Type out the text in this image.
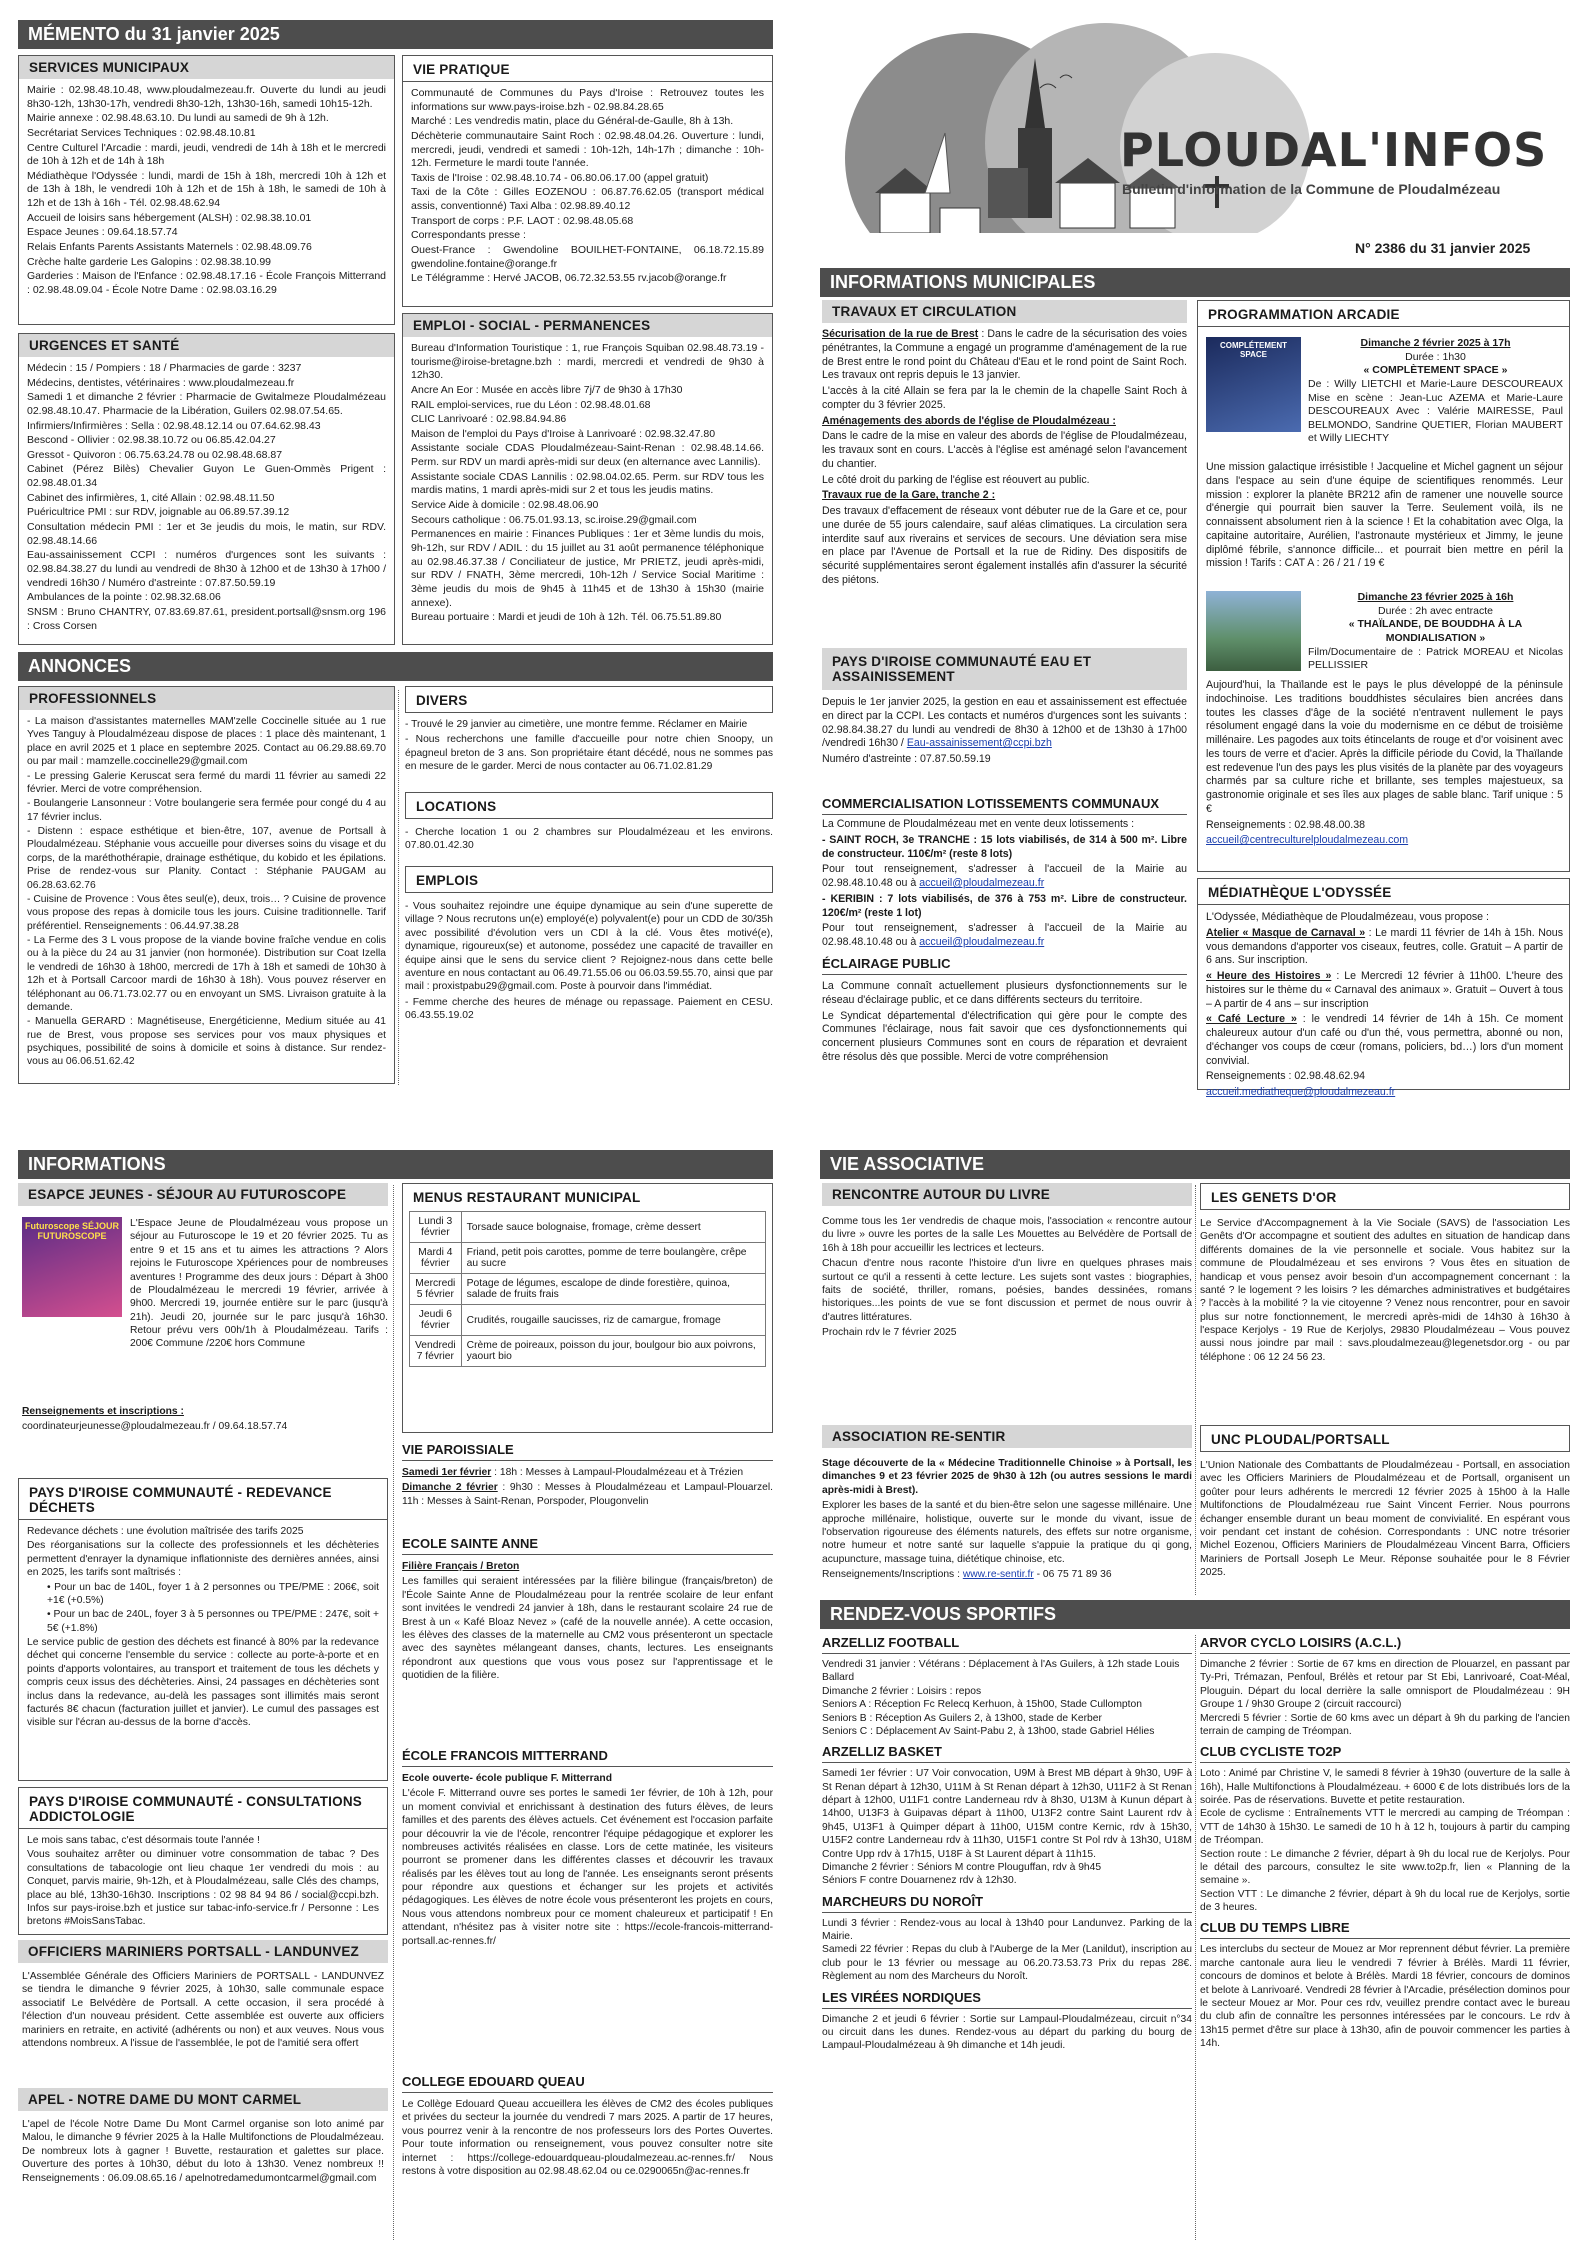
MÉMENTO du 31 janvier 2025
SERVICES MUNICIPAUX

Mairie : 02.98.48.10.48, www.ploudalmezeau.fr. Ouverte du lundi au jeudi 8h30-12h, 13h30-17h, vendredi 8h30-12h, 13h30-16h, samedi 10h15-12h.

Mairie annexe : 02.98.48.63.10. Du lundi au samedi de 9h à 12h.

Secrétariat Services Techniques : 02.98.48.10.81

Centre Culturel l'Arcadie : mardi, jeudi, vendredi de 14h à 18h et le mercredi de 10h à 12h et de 14h à 18h

Médiathèque l'Odyssée : lundi, mardi de 15h à 18h, mercredi 10h à 12h et de 13h à 18h, le vendredi 10h à 12h et de 15h à 18h, le samedi de 10h à 12h et de 13h à 16h - Tél. 02.98.48.62.94

Accueil de loisirs sans hébergement (ALSH) : 02.98.38.10.01

Espace Jeunes : 09.64.18.57.74

Relais Enfants Parents Assistants Maternels : 02.98.48.09.76

Crèche halte garderie Les Galopins : 02.98.38.10.99

Garderies : Maison de l'Enfance : 02.98.48.17.16 - École François Mitterrand : 02.98.48.09.04 - École Notre Dame : 02.98.03.16.29

URGENCES ET SANTÉ

Médecin : 15 / Pompiers : 18 / Pharmacies de garde : 3237

Médecins, dentistes, vétérinaires : www.ploudalmezeau.fr

Samedi 1 et dimanche 2 février : Pharmacie de Gwitalmeze Ploudalmézeau 02.98.48.10.47. Pharmacie de la Libération, Guilers 02.98.07.54.65.

Infirmiers/Infirmières : Sella : 02.98.48.12.14 ou 07.64.62.98.43

Bescond - Ollivier : 02.98.38.10.72 ou 06.85.42.04.27

Gressot - Quivoron : 06.75.63.24.78 ou 02.98.48.68.87

Cabinet (Pérez Bilès) Chevalier Guyon Le Guen-Ommès Prigent : 02.98.48.01.34

Cabinet des infirmières, 1, cité Allain : 02.98.48.11.50

Puéricultrice PMI : sur RDV, joignable au 06.89.57.39.12

Consultation médecin PMI : 1er et 3e jeudis du mois, le matin, sur RDV. 02.98.48.14.66

Eau-assainissement CCPI : numéros d'urgences sont les suivants : 02.98.84.38.27 du lundi au vendredi de 8h30 à 12h00 et de 13h30 à 17h00 / vendredi 16h30 / Numéro d'astreinte : 07.87.50.59.19

Ambulances de la pointe : 02.98.32.68.06

SNSM : Bruno CHANTRY, 07.83.69.87.61, president.portsall@snsm.org 196 : Cross Corsen

VIE PRATIQUE

Communauté de Communes du Pays d'Iroise : Retrouvez toutes les informations sur www.pays-iroise.bzh - 02.98.84.28.65

Marché : Les vendredis matin, place du Général-de-Gaulle, 8h à 13h.

Déchèterie communautaire Saint Roch : 02.98.48.04.26. Ouverture : lundi, mercredi, jeudi, vendredi et samedi : 10h-12h, 14h-17h ; dimanche : 10h-12h. Fermeture le mardi toute l'année.

Taxis de l'Iroise : 02.98.48.10.74 - 06.80.06.17.00 (appel gratuit)

Taxi de la Côte : Gilles EOZENOU : 06.87.76.62.05 (transport médical assis, conventionné) Taxi Alba : 02.98.89.40.12

Transport de corps : P.F. LAOT : 02.98.48.05.68

Correspondants presse :

Ouest-France : Gwendoline BOUILHET-FONTAINE, 06.18.72.15.89 gwendoline.fontaine@orange.fr

Le Télégramme : Hervé JACOB, 06.72.32.53.55 rv.jacob@orange.fr

EMPLOI - SOCIAL - PERMANENCES

Bureau d'Information Touristique : 1, rue François Squiban 02.98.48.73.19 - tourisme@iroise-bretagne.bzh : mardi, mercredi et vendredi de 9h30 à 12h30.

Ancre An Eor : Musée en accès libre 7j/7 de 9h30 à 17h30

RAIL emploi-services, rue du Léon : 02.98.48.01.68

CLIC Lanrivoaré : 02.98.84.94.86

Maison de l'emploi du Pays d'Iroise à Lanrivoaré : 02.98.32.47.80

Assistante sociale CDAS Ploudalmézeau-Saint-Renan : 02.98.48.14.66. Perm. sur RDV un mardi après-midi sur deux (en alternance avec Lannilis).

Assistante sociale CDAS Lannilis : 02.98.04.02.65. Perm. sur RDV tous les mardis matins, 1 mardi après-midi sur 2 et tous les jeudis matins.

Service Aide à domicile : 02.98.48.06.90

Secours catholique : 06.75.01.93.13, sc.iroise.29@gmail.com

Permanences en mairie : Finances Publiques : 1er et 3ème lundis du mois, 9h-12h, sur RDV / ADIL : du 15 juillet au 31 août permanence téléphonique au 02.98.46.37.38 / Conciliateur de justice, Mr PRIETZ, jeudi après-midi, sur RDV / FNATH, 3ème mercredi, 10h-12h / Service Social Maritime : 3ème jeudis du mois de 9h45 à 11h45 et de 13h30 à 15h30 (mairie annexe).

Bureau portuaire : Mardi et jeudi de 10h à 12h. Tél. 06.75.51.89.80

PLOUDAL'INFOS
Bulletin d'information de la Commune de Ploudalmézeau
N° 2386 du 31 janvier 2025
INFORMATIONS MUNICIPALES
TRAVAUX ET CIRCULATION

Sécurisation de la rue de Brest : Dans le cadre de la sécurisation des voies pénétrantes, la Commune a engagé un programme d'aménagement de la rue de Brest entre le rond point du Château d'Eau et le rond point de Saint Roch. Les travaux ont repris depuis le 13 janvier.

L'accès à la cité Allain se fera par la le chemin de la chapelle Saint Roch à compter du 3 février 2025.

Aménagements des abords de l'église de Ploudalmézeau :

Dans le cadre de la mise en valeur des abords de l'église de Ploudalmézeau, les travaux sont en cours. L'accès à l'église est aménagé selon l'avancement du chantier.

Le côté droit du parking de l'église est réouvert au public.

Travaux rue de la Gare, tranche 2 :

Des travaux d'effacement de réseaux vont débuter rue de la Gare et ce, pour une durée de 55 jours calendaire, sauf aléas climatiques. La circulation sera interdite sauf aux riverains et services de secours. Une déviation sera mise en place par l'Avenue de Portsall et la rue de Ridiny. Des dispositifs de sécurité supplémentaires seront également installés afin d'assurer la sécurité des piétons.

PAYS D'IROISE COMMUNAUTÉ EAU ET ASSAINISSEMENT

Depuis le 1er janvier 2025, la gestion en eau et assainissement est effectuée en direct par la CCPI. Les contacts et numéros d'urgences sont les suivants : 02.98.84.38.27 du lundi au vendredi de 8h30 à 12h00 et de 13h30 à 17h00 /vendredi 16h30 / Eau-assainissement@ccpi.bzh

Numéro d'astreinte : 07.87.50.59.19

COMMERCIALISATION LOTISSEMENTS COMMUNAUX

La Commune de Ploudalmézeau met en vente deux lotissements :

- SAINT ROCH, 3e TRANCHE : 15 lots viabilisés, de 314 à 500 m². Libre de constructeur. 110€/m² (reste 8 lots)

Pour tout renseignement, s'adresser à l'accueil de la Mairie au 02.98.48.10.48 ou à accueil@ploudalmezeau.fr

- KERIBIN : 7 lots viabilisés, de 376 à 753 m². Libre de constructeur. 120€/m² (reste 1 lot)

Pour tout renseignement, s'adresser à l'accueil de la Mairie au 02.98.48.10.48 ou à accueil@ploudalmezeau.fr

ÉCLAIRAGE PUBLIC

La Commune connaît actuellement plusieurs dysfonctionnements sur le réseau d'éclairage public, et ce dans différents secteurs du territoire.

Le Syndicat départemental d'électrification qui gère pour le compte des Communes l'éclairage, nous fait savoir que ces dysfonctionnements qui concernent plusieurs Communes sont en cours de réparation et devraient être résolus dès que possible. Merci de votre compréhension

PROGRAMMATION ARCADIE
COMPLÉTEMENT SPACE
Dimanche 2 février 2025 à 17h
Durée : 1h30
« COMPLÈTEMENT SPACE »
De : Willy LIETCHI et Marie-Laure DESCOUREAUX Mise en scène : Jean-Luc AZEMA et Marie-Laure DESCOUREAUX Avec : Valérie MAIRESSE, Paul BELMONDO, Sandrine QUETIER, Florian MAUBERT et Willy LIECHTY
Une mission galactique irrésistible ! Jacqueline et Michel gagnent un séjour dans l'espace au sein d'une équipe de scientifiques renommés. Leur mission : explorer la planète BR212 afin de ramener une nouvelle source d'énergie qui pourrait bien sauver la Terre. Seulement voilà, ils ne connaissent absolument rien à la science ! Et la cohabitation avec Olga, la capitaine autoritaire, Aurélien, l'astronaute mystérieux et Jimmy, le jeune diplômé fébrile, s'annonce difficile... et pourrait bien mettre en péril la mission ! Tarifs : CAT A : 26 / 21 / 19 €
Dimanche 23 février 2025 à 16h
Durée : 2h avec entracte
« THAÏLANDE, DE BOUDDHA À LA MONDIALISATION »
Film/Documentaire de : Patrick MOREAU et Nicolas PELLISSIER

Aujourd'hui, la Thaïlande est le pays le plus développé de la péninsule indochinoise. Les traditions bouddhistes séculaires bien ancrées dans toutes les classes d'âge de la société n'entravent nullement le pays résolument engagé dans la voie du modernisme en ce début de troisième millénaire. Les pagodes aux toits étincelants de rouge et d'or voisinent avec les tours de verre et d'acier. Après la difficile période du Covid, la Thaïlande est redevenue l'un des pays les plus visités de la planète par des voyageurs charmés par sa culture riche et brillante, ses temples majestueux, sa gastronomie originale et ses îles aux plages de sable blanc. Tarif unique : 5 €

Renseignements : 02.98.48.00.38

accueil@centreculturelploudalmezeau.com

MÉDIATHÈQUE L'ODYSSÉE

L'Odyssée, Médiathèque de Ploudalmézeau, vous propose :

Atelier « Masque de Carnaval » : Le mardi 11 février de 14h à 15h. Nous vous demandons d'apporter vos ciseaux, feutres, colle. Gratuit – A partir de 6 ans. Sur inscription.

« Heure des Histoires » : Le Mercredi 12 février à 11h00. L'heure des histoires sur le thème du « Carnaval des animaux ». Gratuit – Ouvert à tous – A partir de 4 ans – sur inscription

« Café Lecture » : le vendredi 14 février de 14h à 15h. Ce moment chaleureux autour d'un café ou d'un thé, vous permettra, abonné ou non, d'échanger vos coups de cœur (romans, policiers, bd…) lors d'un moment convivial.

Renseignements : 02.98.48.62.94

accueil.mediatheque@ploudalmezeau.fr

ANNONCES
PROFESSIONNELS

- La maison d'assistantes maternelles MAM'zelle Coccinelle située au 1 rue Yves Tanguy à Ploudalmézeau dispose de places : 1 place dès maintenant, 1 place en avril 2025 et 1 place en septembre 2025. Contact au 06.29.88.69.70 ou par mail : mamzelle.coccinelle29@gmail.com

- Le pressing Galerie Keruscat sera fermé du mardi 11 février au samedi 22 février. Merci de votre compréhension.

- Boulangerie Lansonneur : Votre boulangerie sera fermée pour congé du 4 au 17 février inclus.

- Distenn : espace esthétique et bien-être, 107, avenue de Portsall à Ploudalmézeau. Stéphanie vous accueille pour diverses soins du visage et du corps, de la maréthothérapie, drainage esthétique, du kobido et les épilations. Prise de rendez-vous sur Planity. Contact : Stéphanie PAUGAM au 06.28.63.62.76

- Cuisine de Provence : Vous êtes seul(e), deux, trois… ? Cuisine de provence vous propose des repas à domicile tous les jours. Cuisine traditionnelle. Tarif préférentiel. Renseignements : 06.44.97.38.28

- La Ferme des 3 L vous propose de la viande bovine fraîche vendue en colis ou à la pièce du 24 au 31 janvier (non hormonée). Distribution sur Coat Izella le vendredi de 16h30 à 18h00, mercredi de 17h à 18h et samedi de 10h30 à 12h et à Portsall Carcoor mardi de 16h30 à 18h). Vous pouvez réserver en téléphonant au 06.71.73.02.77 ou en envoyant un SMS. Livraison gratuite à la demande.

- Manuella GERARD : Magnétiseuse, Energéticienne, Medium située au 41 rue de Brest, vous propose ses services pour vos maux physiques et psychiques, possibilité de soins à domicile et soins à distance. Sur rendez-vous au 06.06.51.62.42

DIVERS

- Trouvé le 29 janvier au cimetière, une montre femme. Réclamer en Mairie

- Nous recherchons une famille d'accueille pour notre chien Snoopy, un épagneul breton de 3 ans. Son propriétaire étant décédé, nous ne sommes pas en mesure de le garder. Merci de nous contacter au 06.71.02.81.29

LOCATIONS

- Cherche location 1 ou 2 chambres sur Ploudalmézeau et les environs. 07.80.01.42.30

EMPLOIS

- Vous souhaitez rejoindre une équipe dynamique au sein d'une superette de village ? Nous recrutons un(e) employé(e) polyvalent(e) pour un CDD de 30/35h avec possibilité d'évolution vers un CDI à la clé. Vous êtes motivé(e), dynamique, rigoureux(se) et autonome, possédez une capacité de travailler en équipe ainsi que le sens du service client ? Rejoignez-nous dans cette belle aventure en nous contactant au 06.49.71.55.06 ou 06.03.59.55.70, ainsi que par mail : proxistpabu29@gmail.com. Poste à pourvoir dans l'immédiat.

- Femme cherche des heures de ménage ou repassage. Paiement en CESU. 06.43.55.19.02

INFORMATIONS
ESAPCE JEUNES - SÉJOUR AU FUTUROSCOPE
Futuroscope SÉJOUR FUTUROSCOPE
L'Espace Jeune de Ploudalmézeau vous propose un séjour au Futuroscope le 19 et 20 février 2025. Tu as entre 9 et 15 ans et tu aimes les attractions ? Alors rejoins le Futuroscope Xpériences pour de nombreuses aventures ! Programme des deux jours : Départ à 3h00 de Ploudalmézeau le mercredi 19 février, arrivée à 9h00. Mercredi 19, journée entière sur le parc (jusqu'à 21h). Jeudi 20, journée sur le parc jusqu'à 16h30. Retour prévu vers 00h/1h à Ploudalmézeau. Tarifs : 200€ Commune /220€ hors Commune

Renseignements et inscriptions :

coordinateurjeunesse@ploudalmezeau.fr / 09.64.18.57.74

PAYS D'IROISE COMMUNAUTÉ - REDEVANCE DÉCHETS

Redevance déchets : une évolution maîtrisée des tarifs 2025

Des réorganisations sur la collecte des professionnels et les déchèteries permettent d'enrayer la dynamique inflationniste des dernières années, ainsi en 2025, les tarifs sont maîtrisés :

• Pour un bac de 140L, foyer 1 à 2 personnes ou TPE/PME : 206€, soit +1€ (+0.5%)

• Pour un bac de 240L, foyer 3 à 5 personnes ou TPE/PME : 247€, soit + 5€ (+1.8%)

Le service public de gestion des déchets est financé à 80% par la redevance déchet qui concerne l'ensemble du service : collecte au porte-à-porte et en points d'apports volontaires, au transport et traitement de tous les déchets y compris ceux issus des déchèteries. Ainsi, 24 passages en déchèteries sont inclus dans la redevance, au-delà les passages sont illimités mais seront facturés 8€ chacun (facturation juillet et janvier). Le cumul des passages est visible sur l'écran au-dessus de la borne d'accès.

PAYS D'IROISE COMMUNAUTÉ - CONSULTATIONS ADDICTOLOGIE

Le mois sans tabac, c'est désormais toute l'année !

Vous souhaitez arrêter ou diminuer votre consommation de tabac ? Des consultations de tabacologie ont lieu chaque 1er vendredi du mois : au Conquet, parvis mairie, 9h-12h, et à Ploudalmézeau, salle Clés des champs, place au blé, 13h30-16h30. Inscriptions : 02 98 84 94 86 / social@ccpi.bzh. Infos sur pays-iroise.bzh et justice sur tabac-info-service.fr / Personne : Les bretons #MoisSansTabac.

OFFICIERS MARINIERS PORTSALL - LANDUNVEZ
L'Assemblée Générale des Officiers Mariniers de PORTSALL - LANDUNVEZ se tiendra le dimanche 9 février 2025, à 10h30, salle communale espace associatif Le Belvédère de Portsall. A cette occasion, il sera procédé à l'élection d'un nouveau président. Cette assemblée est ouverte aux officiers mariniers en retraite, en activité (adhérents ou non) et aux veuves. Nous vous attendons nombreux. A l'issue de l'assemblée, le pot de l'amitié sera offert
APEL - NOTRE DAME DU MONT CARMEL
L'apel de l'école Notre Dame Du Mont Carmel organise son loto animé par Malou, le dimanche 9 février 2025 à la Halle Multifonctions de Ploudalmézeau. De nombreux lots à gagner ! Buvette, restauration et galettes sur place. Ouverture des portes à 10h30, début du loto à 13h30. Venez nombreux !! Renseignements : 06.09.08.65.16 / apelnotredamedumontcarmel@gmail.com
MENUS RESTAURANT MUNICIPAL
Lundi 3 février	Torsade sauce bolognaise, fromage, crème dessert
Mardi 4 février	Friand, petit pois carottes, pomme de terre boulangère, crêpe au sucre
Mercredi 5 février	Potage de légumes, escalope de dinde forestière, quinoa, salade de fruits frais
Jeudi 6 février	Crudités, rougaille saucisses, riz de camargue, fromage
Vendredi 7 février	Crème de poireaux, poisson du jour, boulgour bio aux poivrons, yaourt bio
VIE PAROISSIALE

Samedi 1er février : 18h : Messes à Lampaul-Ploudalmézeau et à Trézien

Dimanche 2 février : 9h30 : Messes à Ploudalmézeau et Lampaul-Plouarzel. 11h : Messes à Saint-Renan, Porspoder, Plougonvelin

ECOLE SAINTE ANNE

Filière Français / Breton

Les familles qui seraient intéressées par la filière bilingue (français/breton) de l'École Sainte Anne de Ploudalmézeau pour la rentrée scolaire de leur enfant sont invitées le vendredi 24 janvier à 18h, dans le restaurant scolaire 24 rue de Brest à un « Kafé Bloaz Nevez » (café de la nouvelle année). A cette occasion, les élèves des classes de la maternelle au CM2 vous présenteront un spectacle avec des saynètes mélangeant danses, chants, lectures. Les enseignants répondront aux questions que vous vous posez sur l'apprentissage et le quotidien de la filière.

ÉCOLE FRANCOIS MITTERRAND

Ecole ouverte- école publique F. Mitterrand

L'école F. Mitterrand ouvre ses portes le samedi 1er février, de 10h à 12h, pour un moment convivial et enrichissant à destination des futurs élèves, de leurs familles et des parents des élèves actuels. Cet événement est l'occasion parfaite pour découvrir la vie de l'école, rencontrer l'équipe pédagogique et explorer les nombreuses activités réalisées en classe. Lors de cette matinée, les visiteurs pourront se promener dans les différentes classes et découvrir les travaux réalisés par les élèves tout au long de l'année. Les enseignants seront présents pour répondre aux questions et échanger sur les projets et activités pédagogiques. Les élèves de notre école vous présenteront les projets en cours, Nous vous attendons nombreux pour ce moment chaleureux et participatif ! En attendant, n'hésitez pas à visiter notre site : https://ecole-francois-mitterrand-portsall.ac-rennes.fr/

COLLEGE EDOUARD QUEAU
Le Collège Edouard Queau accueillera les élèves de CM2 des écoles publiques et privées du secteur la journée du vendredi 7 mars 2025. A partir de 17 heures, vous pourrez venir à la rencontre de nos professeurs lors des Portes Ouvertes. Pour toute information ou renseignement, vous pouvez consulter notre site internet : https://college-edouardqueau-ploudalmezeau.ac-rennes.fr/ Nous restons à votre disposition au 02.98.48.62.04 ou ce.0290065n@ac-rennes.fr
VIE ASSOCIATIVE
RENCONTRE AUTOUR DU LIVRE

Comme tous les 1er vendredis de chaque mois, l'association « rencontre autour du livre » ouvre les portes de la salle Les Mouettes au Belvédère de Portsall de 16h à 18h pour accueillir les lectrices et lecteurs.

Chacun d'entre nous raconte l'histoire d'un livre en quelques phrases mais surtout ce qu'il a ressenti à cette lecture. Les sujets sont vastes : biographies, faits de société, thriller, romans, poésies, bandes dessinées, romans historiques...les points de vue se font discussion et permet de nous ouvrir à d'autres littératures.

Prochain rdv le 7 février 2025

ASSOCIATION RE-SENTIR

Stage découverte de la « Médecine Traditionnelle Chinoise » à Portsall, les dimanches 9 et 23 février 2025 de 9h30 à 12h (ou autres sessions le mardi après-midi à Brest).

Explorer les bases de la santé et du bien-être selon une sagesse millénaire. Une approche millénaire, holistique, ouverte sur le monde du vivant, issue de l'observation rigoureuse des éléments naturels, des effets sur notre organisme, notre humeur et notre santé sur laquelle s'appuie la pratique du qi gong, acupuncture, massage tuina, diététique chinoise, etc.

Renseignements/Inscriptions : www.re-sentir.fr - 06 75 71 89 36

LES GENETS D'OR
Le Service d'Accompagnement à la Vie Sociale (SAVS) de l'association Les Genêts d'Or accompagne et soutient des adultes en situation de handicap dans différents domaines de la vie personnelle et sociale. Vous habitez sur la commune de Ploudalmézeau et ses environs ? Vous êtes en situation de handicap et vous pensez avoir besoin d'un accompagnement concernant : la santé ? le logement ? les loisirs ? les démarches administratives et budgétaires ? l'accès à la mobilité ? la vie citoyenne ? Venez nous rencontrer, pour en savoir plus sur notre fonctionnement, le mercredi après-midi de 14h30 à 16h30 à l'espace Kerjolys - 19 Rue de Kerjolys, 29830 Ploudalmézeau – Vous pouvez aussi nous joindre par mail : savs.ploudalmezeau@legenetsdor.org - ou par téléphone : 06 12 24 56 23.
UNC PLOUDAL/PORTSALL
L'Union Nationale des Combattants de Ploudalmézeau - Portsall, en association avec les Officiers Mariniers de Ploudalmézeau et de Portsall, organisent un goûter pour leurs adhérents le mercredi 12 février 2025 à 15h00 à la Halle Multifonctions de Ploudalmézeau rue Saint Vincent Ferrier. Nous pourrons échanger ensemble durant un beau moment de convivialité. En espérant vous voir pendant cet instant de cohésion. Correspondants : UNC notre trésorier Michel Eozenou, Officiers Mariniers de Ploudalmézeau Vincent Barra, Officiers Mariniers de Portsall Joseph Le Meur. Réponse souhaitée pour le 8 Février 2025.
RENDEZ-VOUS SPORTIFS
ARZELLIZ FOOTBALL

Vendredi 31 janvier : Vétérans : Déplacement à l'As Guilers, à 12h stade Louis Ballard

Dimanche 2 février : Loisirs : repos

Seniors A : Réception Fc Relecq Kerhuon, à 15h00, Stade Cullompton

Seniors B : Réception As Guilers 2, à 13h00, stade de Kerber

Seniors C : Déplacement Av Saint-Pabu 2, à 13h00, stade Gabriel Hélies

ARZELLIZ BASKET

Samedi 1er février : U7 Voir convocation, U9M à Brest MB départ à 9h30, U9F à St Renan départ à 12h30, U11M à St Renan départ à 12h30, U11F2 à St Renan départ à 12h00, U11F1 contre Landerneau rdv à 8h30, U13M à Kunun départ à 14h00, U13F3 à Guipavas départ à 11h00, U13F2 contre Saint Laurent rdv à 9h45, U13F1 à Quimper départ à 11h00, U15M contre Kernic, rdv à 15h30, U15F2 contre Landerneau rdv à 11h30, U15F1 contre St Pol rdv à 13h30, U18M Contre Upp rdv à 17h15, U18F à St Laurent départ à 11h15.

Dimanche 2 février : Séniors M contre Plouguffan, rdv à 9h45

Séniors F contre Douarnenez rdv à 12h30.

MARCHEURS DU NOROÎT

Lundi 3 février : Rendez-vous au local à 13h40 pour Landunvez. Parking de la Mairie.

Samedi 22 février : Repas du club à l'Auberge de la Mer (Lanildut), inscription au club pour le 13 février ou message au 06.20.73.53.73 Prix du repas 28€. Règlement au nom des Marcheurs du Noroît.

LES VIRÉES NORDIQUES

Dimanche 2 et jeudi 6 février : Sortie sur Lampaul-Ploudalmézeau, circuit n°34 ou circuit dans les dunes. Rendez-vous au départ du parking du bourg de Lampaul-Ploudalmézeau à 9h dimanche et 14h jeudi.

ARVOR CYCLO LOISIRS (A.C.L.)

Dimanche 2 février : Sortie de 67 kms en direction de Plouarzel, en passant par Ty-Pri, Trémazan, Penfoul, Brélès et retour par St Ebi, Lanrivoaré, Coat-Méal, Plouguin. Départ du local derrière la salle omnisport de Ploudalmézeau : 9H Groupe 1 / 9h30 Groupe 2 (circuit raccourci)

Mercredi 5 février : Sortie de 60 kms avec un départ à 9h du parking de l'ancien terrain de camping de Tréompan.

CLUB CYCLISTE TO2P

Loto : Animé par Christine V, le samedi 8 février à 19h30 (ouverture de la salle à 16h), Halle Multifonctions à Ploudalmézeau. + 6000 € de lots distribués lors de la soirée. Pas de réservations. Buvette et petite restauration.

Ecole de cyclisme : Entraînements VTT le mercredi au camping de Tréompan : VTT de 14h30 à 15h30. Le samedi de 10 h à 12 h, toujours à partir du camping de Tréompan.

Section route : Le dimanche 2 février, départ à 9h du local rue de Kerjolys. Pour le détail des parcours, consultez le site www.to2p.fr, lien « Planning de la semaine ».

Section VTT : Le dimanche 2 février, départ à 9h du local rue de Kerjolys, sortie de 3 heures.

CLUB DU TEMPS LIBRE
Les interclubs du secteur de Mouez ar Mor reprennent début février. La première marche cantonale aura lieu le vendredi 7 février à Brélès. Mardi 11 février, concours de dominos et belote à Brélès. Mardi 18 février, concours de dominos et belote à Lanrivoaré. Vendredi 28 février à l'Arcadie, présélection dominos pour le secteur Mouez ar Mor. Pour ces rdv, veuillez prendre contact avec le bureau du club afin de connaître les personnes intéressées par le concours. Le rdv à 13h15 permet d'être sur place à 13h30, afin de pouvoir commencer les parties à 14h.
